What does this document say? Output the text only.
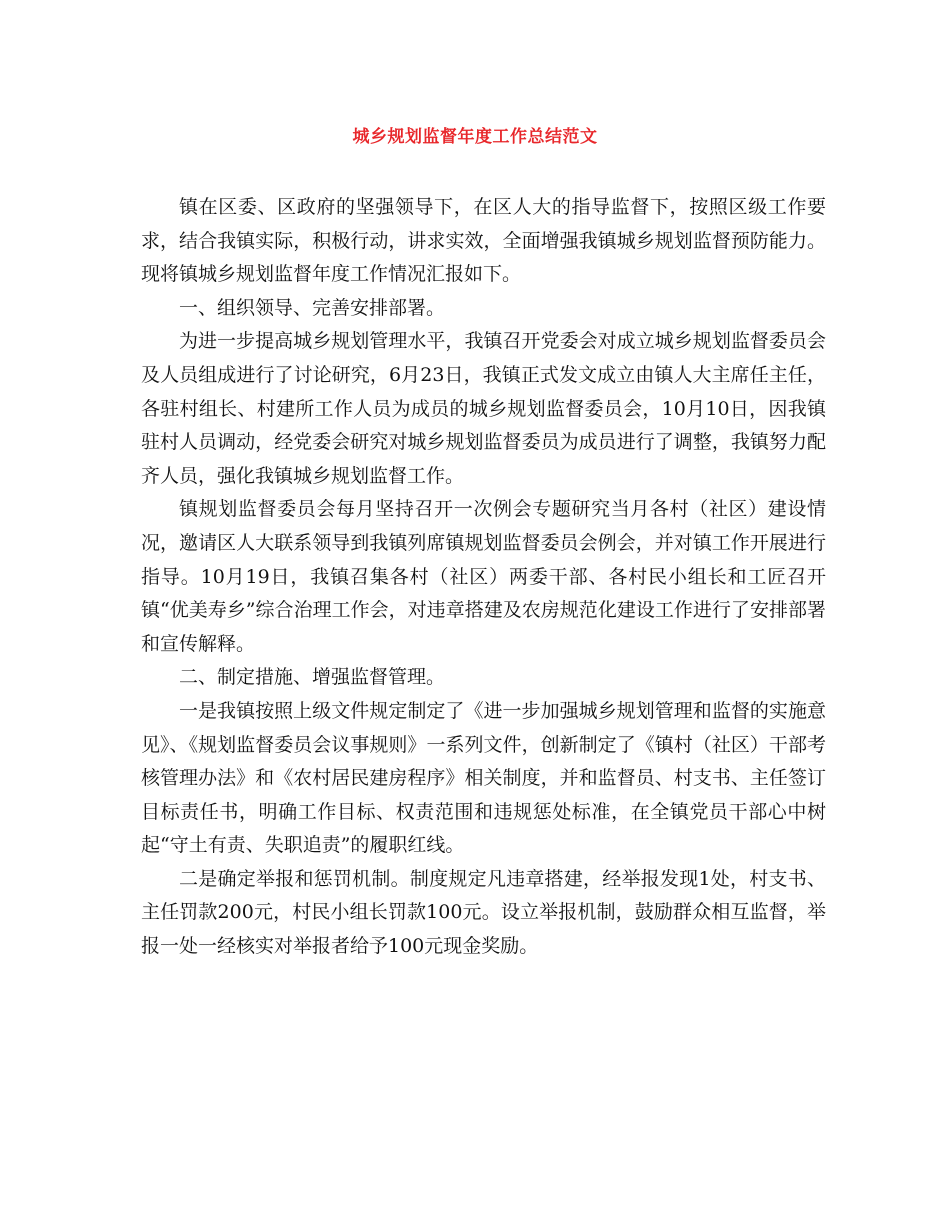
城乡规划监督年度工作总结范文

镇在区委、区政府的坚强领导下，在区人大的指导监督下，按照区级工作要求，结合我镇实际，积极行动，讲求实效，全面增强我镇城乡规划监督预防能力。现将镇城乡规划监督年度工作情况汇报如下。

一、组织领导、完善安排部署。

为进一步提高城乡规划管理水平，我镇召开党委会对成立城乡规划监督委员会及人员组成进行了讨论研究，6月23日，我镇正式发文成立由镇人大主席任主任，各驻村组长、村建所工作人员为成员的城乡规划监督委员会，10月10日，因我镇驻村人员调动，经党委会研究对城乡规划监督委员为成员进行了调整，我镇努力配齐人员，强化我镇城乡规划监督工作。

镇规划监督委员会每月坚持召开一次例会专题研究当月各村（社区）建设情况，邀请区人大联系领导到我镇列席镇规划监督委员会例会，并对镇工作开展进行指导。10月19日，我镇召集各村（社区）两委干部、各村民小组长和工匠召开镇“优美寿乡”综合治理工作会，对违章搭建及农房规范化建设工作进行了安排部署和宣传解释。

二、制定措施、增强监督管理。

一是我镇按照上级文件规定制定了《进一步加强城乡规划管理和监督的实施意见》、《规划监督委员会议事规则》一系列文件，创新制定了《镇村（社区）干部考核管理办法》和《农村居民建房程序》相关制度，并和监督员、村支书、主任签订目标责任书，明确工作目标、权责范围和违规惩处标准，在全镇党员干部心中树起“守土有责、失职追责”的履职红线。

二是确定举报和惩罚机制。制度规定凡违章搭建，经举报发现1处，村支书、主任罚款200元，村民小组长罚款100元。设立举报机制，鼓励群众相互监督，举报一处一经核实对举报者给予100元现金奖励。
